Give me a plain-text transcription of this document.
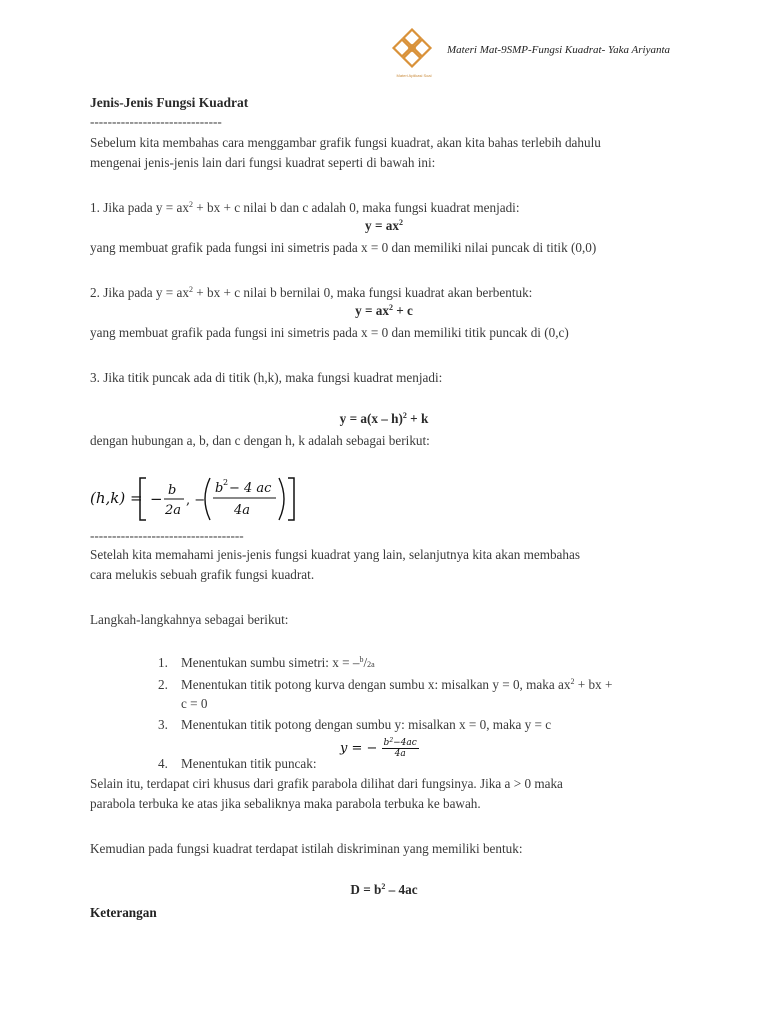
Materi Aplikasi Soal
Materi Mat-9SMP-Fungsi Kuadrat- Yaka Ariyanta
Jenis-Jenis Fungsi Kuadrat
------------------------------
Sebelum kita membahas cara menggambar grafik fungsi kuadrat, akan kita bahas terlebih dahulu
mengenai jenis-jenis lain dari fungsi kuadrat seperti di bawah ini:
1. Jika pada $y = ax^2$ + bx + c nilai b dan c adalah 0, maka fungsi kuadrat menjadi:
$y = ax^2$
yang membuat grafik pada fungsi ini simetris pada x = 0 dan memiliki nilai puncak di titik (0,0)
2. Jika pada $y = ax^2$ + bx + c nilai b bernilai 0, maka fungsi kuadrat akan berbentuk:
$y = ax^2 + c$
yang membuat grafik pada fungsi ini simetris pada x = 0 dan memiliki titik puncak di (0,c)
3. Jika titik puncak ada di titik (h,k), maka fungsi kuadrat menjadi:
y = a(x – h)$^2$ + k
dengan hubungan a, b, dan c dengan h, k adalah sebagai berikut:
(h,k) = − b
2a
, −
b 2 − 4 ac
4a
-----------------------------------
Setelah kita memahami jenis-jenis fungsi kuadrat yang lain, selanjutnya kita akan membahas
cara melukis sebuah grafik fungsi kuadrat.
Langkah-langkahnya sebagai berikut:
1. Menentukan sumbu simetri: x = –$^b$/2a
2. Menentukan titik potong kurva dengan sumbu x: misalkan y = 0, maka $ax^2$ + bx +
c = 0
3. Menentukan titik potong dengan sumbu y: misalkan x = 0, maka y = c
4. Menentukan titik puncak:
y = − $\frac{b^2-4ac}{4a}$
Selain itu, terdapat ciri khusus dari grafik parabola dilihat dari fungsinya. Jika a > 0 maka
parabola terbuka ke atas jika sebaliknya maka parabola terbuka ke bawah.
Kemudian pada fungsi kuadrat terdapat istilah diskriminan yang memiliki bentuk:
$D = b^2 - 4ac$
Keterangan
